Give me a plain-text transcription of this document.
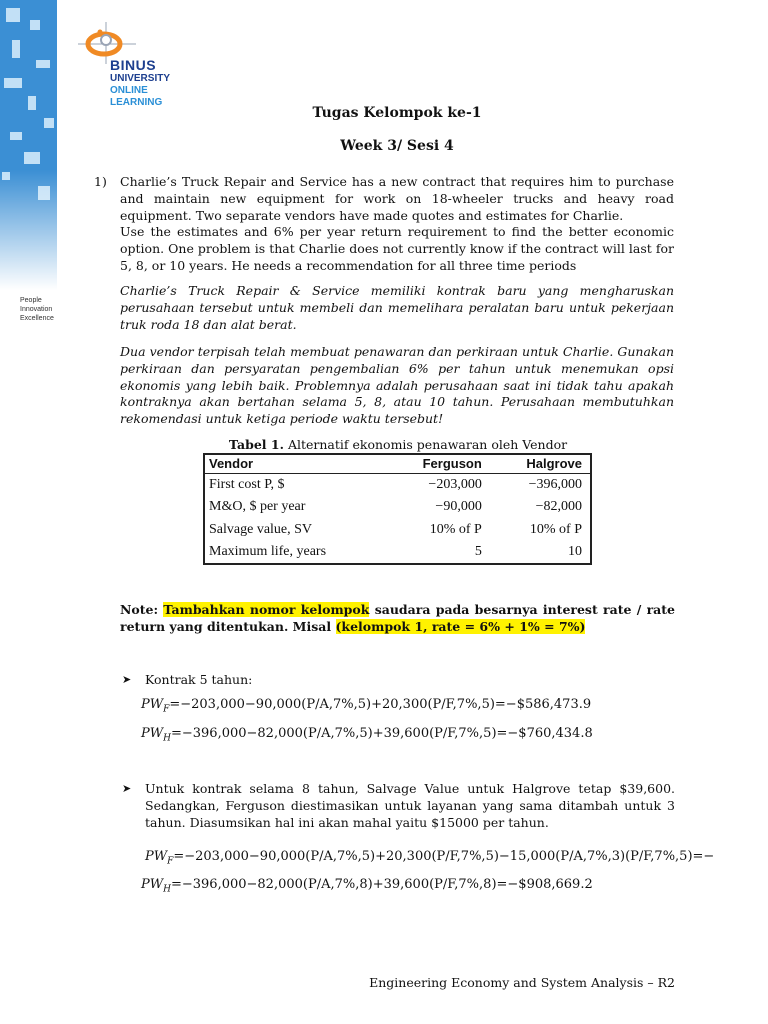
People
Innovation
Excellence
BINUS
UNIVERSITY
ONLINE
LEARNING
Tugas Kelompok ke-1
Week 3/ Sesi 4
1) Charlie’s Truck Repair and Service has a new contract that requires him to purchase and maintain new equipment for work on 18-wheeler trucks and heavy road equipment. Two separate vendors have made quotes and estimates for Charlie.
Use the estimates and 6% per year return requirement to find the better economic option. One problem is that Charlie does not currently know if the contract will last for 5, 8, or 10 years. He needs a recommendation for all three time periods
Charlie’s Truck Repair & Service memiliki kontrak baru yang mengharuskan perusahaan tersebut untuk membeli dan memelihara peralatan baru untuk pekerjaan truk roda 18 dan alat berat.
Dua vendor terpisah telah membuat penawaran dan perkiraan untuk Charlie. Gunakan perkiraan dan persyaratan pengembalian 6% per tahun untuk menemukan opsi ekonomis yang lebih baik. Problemnya adalah perusahaan saat ini tidak tahu apakah kontraknya akan bertahan selama 5, 8, atau 10 tahun. Perusahaan membutuhkan rekomendasi untuk ketiga periode waktu tersebut!
Tabel 1. Alternatif ekonomis penawaran oleh Vendor
Vendor	Ferguson	Halgrove
First cost P, $	−203,000	−396,000
M&O, $ per year	−90,000	−82,000
Salvage value, SV	10% of P	10% of P
Maximum life, years	5	10
Note: Tambahkan nomor kelompok saudara pada besarnya interest rate / rate return yang ditentukan. Misal (kelompok 1, rate = 6% + 1% = 7%)
➤ Kontrak 5 tahun:
$PW_F=-203,000-90,000(P/A,7\%,5)+20,300(P/F,7\%,5)=-\$586,473.9$
$PW_H=-396,000-82,000(P/A,7\%,5)+39,600(P/F,7\%,5)=-\$760,434.8$
➤ Untuk kontrak selama 8 tahun, Salvage Value untuk Halgrove tetap $39,600. Sedangkan, Ferguson diestimasikan untuk layanan yang sama ditambah untuk 3 tahun. Diasumsikan hal ini akan mahal yaitu $15000 per tahun.
$PW_F=-203,000-90,000(P/A,7\%,5)+20,300(P/F,7\%,5)-15,000(P/A,7\%,3)(P/F,7\%,5)=-$
$PW_H=-396,000-82,000(P/A,7\%,8)+39,600(P/F,7\%,8)=-\$908,669.2$
Engineering Economy and System Analysis – R2
